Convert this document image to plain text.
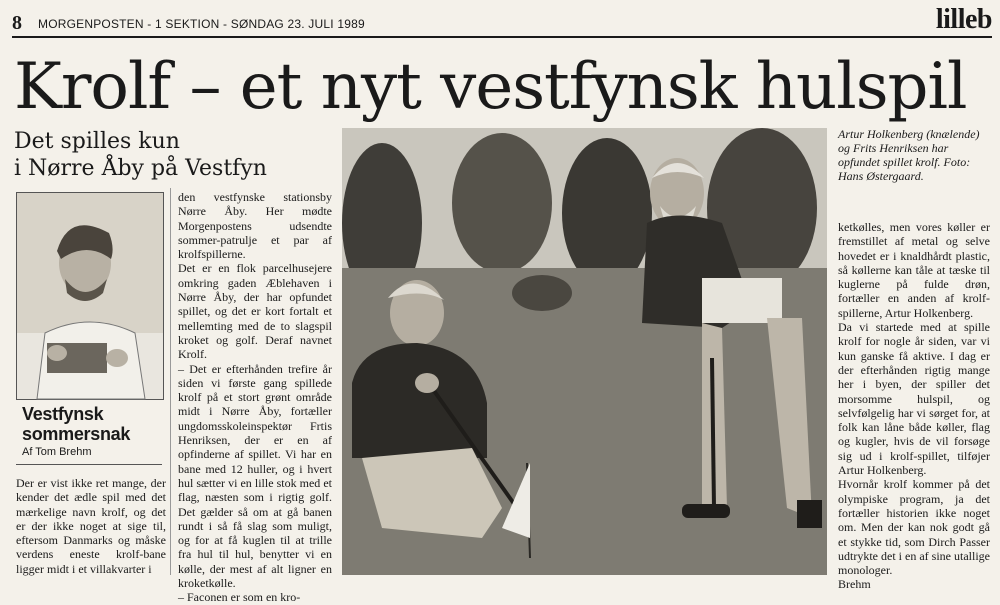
8 MORGENPOSTEN - 1 SEKTION - SØNDAG 23. JULI 1989	lilleb
Krolf – et nyt vestfynsk hulspil
Det spilles kun
i Nørre Åby på Vestfyn
Vestfynsk
sommersnak
Af Tom Brehm
Der er vist ikke ret mange, der kender det ædle spil med det mærkelige navn krolf, og det er der ikke noget at sige til, eftersom Danmarks og måske verdens eneste krolf-bane ligger midt i et villakvarter i
den vestfynske stationsby Nørre Åby. Her mødte Morgenpostens udsendte sommer-patrulje et par af krolfspillerne.
Det er en flok parcelhusejere omkring gaden Æblehaven i Nørre Åby, der har opfundet spillet, og det er kort fortalt et mellemting med de to slagspil kroket og golf. Deraf navnet Krolf.
– Det er efterhånden trefire år siden vi første gang spillede krolf på et stort grønt område midt i Nørre Åby, fortæller ungdomsskoleinspektør Frtis Henriksen, der er en af opfinderne af spillet. Vi har en bane med 12 huller, og i hvert hul sætter vi en lille stok med et flag, næsten som i rigtig golf. Det gælder så om at gå banen rundt i så få slag som muligt, og for at få kuglen til at trille fra hul til hul, benytter vi en kølle, der mest af alt ligner en kroketkølle.
– Faconen er som en kro-
Artur Holkenberg (knælende) og Frits Henriksen har opfundet spillet krolf. Foto: Hans Østergaard.
ketkølles, men vores køller er fremstillet af metal og selve hovedet er i knaldhårdt plastic, så køllerne kan tåle at tæske til kuglerne på fulde drøn, fortæller en anden af krolf-spillerne, Artur Holkenberg.
Da vi startede med at spille krolf for nogle år siden, var vi kun ganske få aktive. I dag er der efterhånden rigtig mange her i byen, der spiller det morsomme hulspil, og selvfølgelig har vi sørget for, at folk kan låne både køller, flag og kugler, hvis de vil forsøge sig ud i krolf-spillet, tilføjer Artur Holkenberg.
Hvornår krolf kommer på det olympiske program, ja det fortæller historien ikke noget om. Men der kan nok godt gå et stykke tid, som Dirch Passer udtrykte det i en af sine utallige monologer.
Brehm
